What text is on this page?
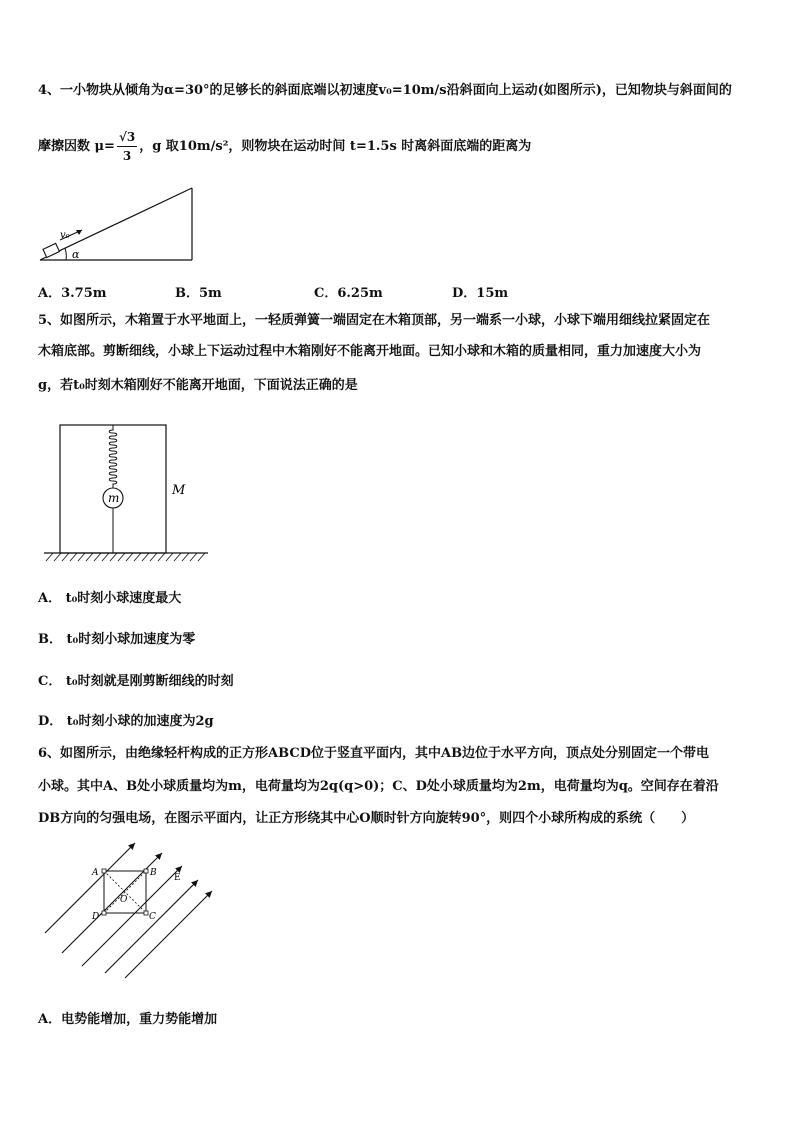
4、一小物块从倾角为α=30°的足够长的斜面底端以初速度v₀=10m/s沿斜面向上运动(如图所示)，已知物块与斜面间的
摩擦因数 $\mu= \frac{√3}{3}$ ，g 取10m/s²，则物块在运动时间 t=1.5s 时离斜面底端的距离为
v₀
α
A．3.75m	B．5m	C．6.25m	D．15m
5、如图所示，木箱置于水平地面上，一轻质弹簧一端固定在木箱顶部，另一端系一小球，小球下端用细线拉紧固定在
木箱底部。剪断细线，小球上下运动过程中木箱刚好不能离开地面。已知小球和木箱的质量相同，重力加速度大小为
g，若t₀时刻木箱刚好不能离开地面，下面说法正确的是
m	M
A． t₀时刻小球速度最大
B． t₀时刻小球加速度为零
C． t₀时刻就是刚剪断细线的时刻
D． t₀时刻小球的加速度为2g
6、如图所示，由绝缘轻杆构成的正方形ABCD位于竖直平面内，其中AB边位于水平方向，顶点处分别固定一个带电
小球。其中A、B处小球质量均为m，电荷量均为2q(q>0)；C、D处小球质量均为2m，电荷量均为q。空间存在着沿
DB方向的匀强电场，在图示平面内，让正方形绕其中心O顺时针方向旋转90°，则四个小球所构成的系统（　　）
A	B
C
D
O
E
A．电势能增加，重力势能增加
